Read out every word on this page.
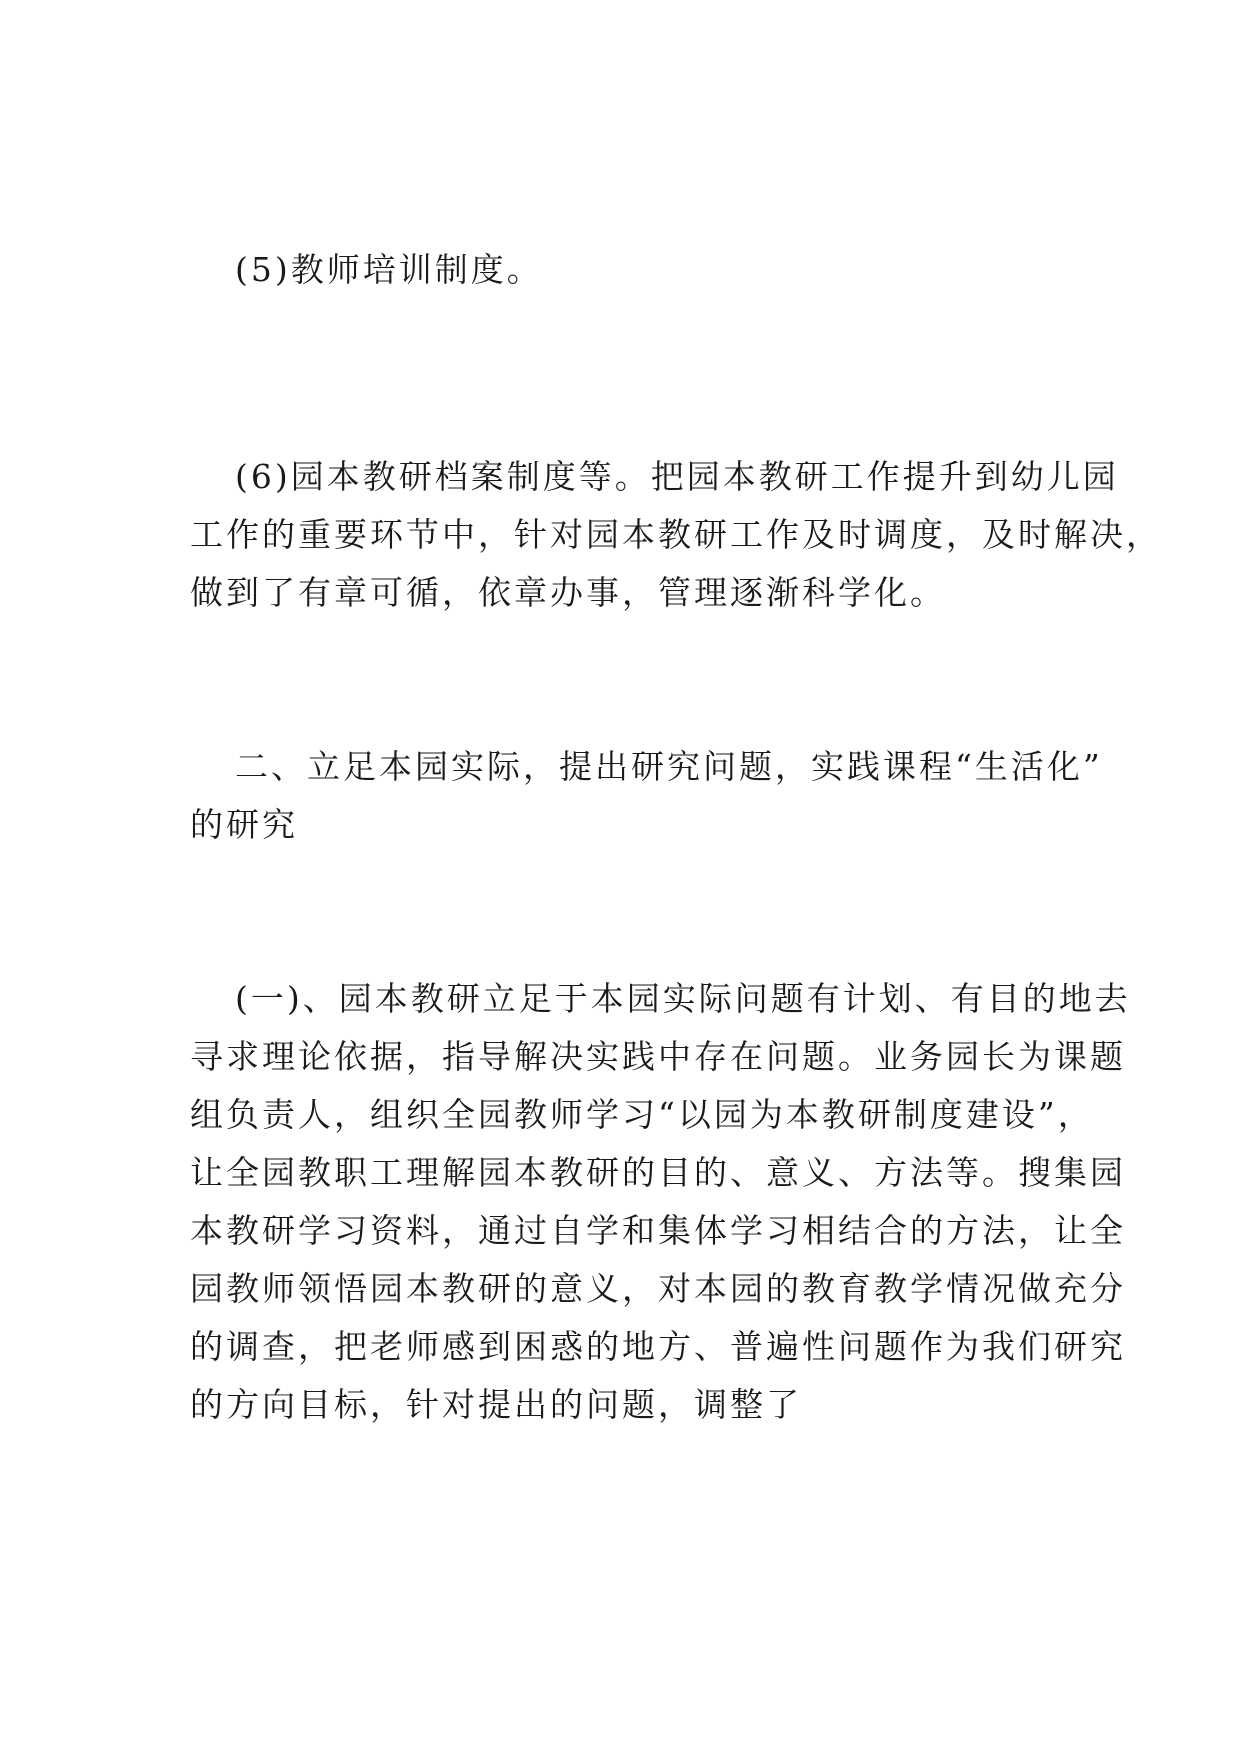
(5)教师培训制度。

(6)园本教研档案制度等。把园本教研工作提升到幼儿园

工作的重要环节中，针对园本教研工作及时调度，及时解决，

做到了有章可循，依章办事，管理逐渐科学化。

二、立足本园实际，提出研究问题，实践课程“生活化”

的研究

(一)、园本教研立足于本园实际问题有计划、有目的地去

寻求理论依据，指导解决实践中存在问题。业务园长为课题

组负责人，组织全园教师学习“以园为本教研制度建设”，

让全园教职工理解园本教研的目的、意义、方法等。搜集园

本教研学习资料，通过自学和集体学习相结合的方法，让全

园教师领悟园本教研的意义，对本园的教育教学情况做充分

的调查，把老师感到困惑的地方、普遍性问题作为我们研究

的方向目标，针对提出的问题，调整了
